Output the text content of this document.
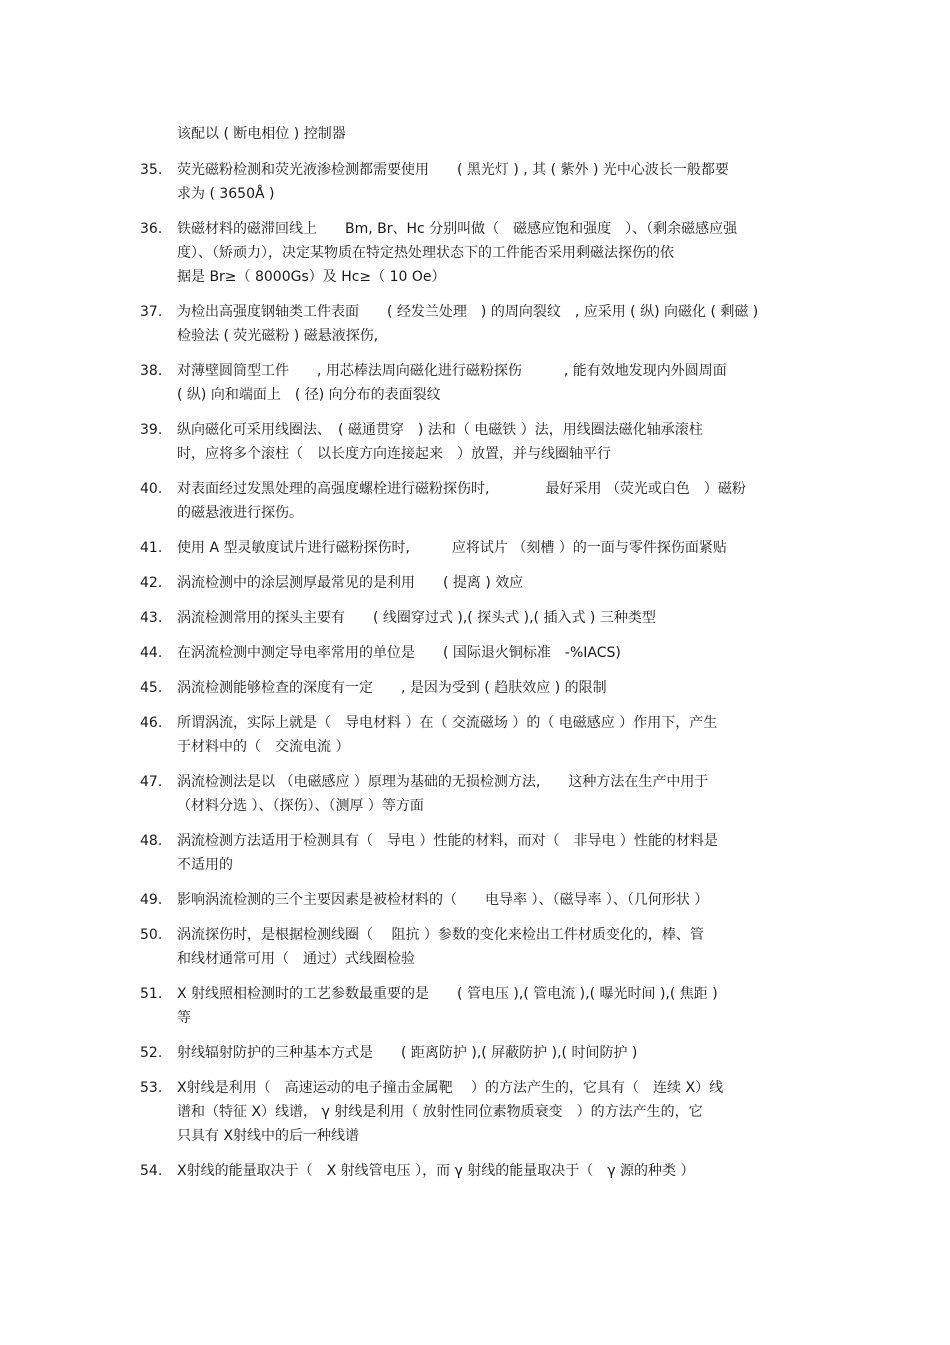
该配以 ( 断电相位 ) 控制器
35.	荧光磁粉检测和荧光液渗检测都需要使用　　( 黑光灯 ) , 其 ( 紫外 ) 光中心波长一般都要
求为 ( 3650Å )
36.	铁磁材料的磁滞回线上　　Bm, Br、Hc 分别叫做（　磁感应饱和强度　）、（剩余磁感应强
度）、（矫顽力），决定某物质在特定热处理状态下的工件能否采用剩磁法探伤的依
据是 Br≥（ 8000Gs）及 Hc≥（ 10 Oe）
37.	为检出高强度钢轴类工件表面　　( 经发兰处理　) 的周向裂纹　, 应采用 ( 纵) 向磁化 ( 剩磁 )
检验法 ( 荧光磁粉 ) 磁悬液探伤,
38.	对薄壁圆筒型工件　　, 用芯棒法周向磁化进行磁粉探伤　　　, 能有效地发现内外圆周面
( 纵) 向和端面上　( 径) 向分布的表面裂纹
39.	纵向磁化可采用线圈法、　( 磁通贯穿　) 法和（ 电磁铁 ）法，用线圈法磁化轴承滚柱
时，应将多个滚柱（　以长度方向连接起来　）放置，并与线圈轴平行
40.	对表面经过发黑处理的高强度螺栓进行磁粉探伤时,　　　　最好采用 （荧光或白色　）磁粉
的磁悬液进行探伤。
41.	使用 A 型灵敏度试片进行磁粉探伤时,　　　应将试片 （刻槽 ）的一面与零件探伤面紧贴
42.	涡流检测中的涂层测厚最常见的是利用　　( 提离 ) 效应
43.	涡流检测常用的探头主要有　　( 线圈穿过式 ),( 探头式 ),( 插入式 ) 三种类型
44.	在涡流检测中测定导电率常用的单位是　　( 国际退火铜标准　-%IACS)
45.	涡流检测能够检查的深度有一定　　, 是因为受到 ( 趋肤效应 ) 的限制
46.	所谓涡流，实际上就是（　导电材料 ）在（ 交流磁场 ）的（ 电磁感应 ）作用下，产生
于材料中的（　交流电流 ）
47.	涡流检测法是以 （电磁感应 ）原理为基础的无损检测方法,　　这种方法在生产中用于
（材料分选 ）、（探伤）、（测厚 ）等方面
48.	涡流检测方法适用于检测具有（　导电 ）性能的材料，而对（　非导电 ）性能的材料是
不适用的
49.	影响涡流检测的三个主要因素是被检材料的（　　电导率 ）、（磁导率 ）、（几何形状 ）
50.	涡流探伤时，是根据检测线圈（　 阻抗 ）参数的变化来检出工件材质变化的，棒、管
和线材通常可用（　通过）式线圈检验
51.	X 射线照相检测时的工艺参数最重要的是　　( 管电压 ),( 管电流 ),( 曝光时间 ),( 焦距 )
等
52.	射线辐射防护的三种基本方式是　　( 距离防护 ),( 屏蔽防护 ),( 时间防护 )
53.	X射线是利用（　高速运动的电子撞击金属靶　 ）的方法产生的，它具有（　连续 X）线
谱和（特征 X）线谱， γ 射线是利用（ 放射性同位素物质衰变　）的方法产生的，它
只具有 X射线中的后一种线谱
54.	X射线的能量取决于（　X 射线管电压 ），而 γ 射线的能量取决于（　γ 源的种类 ）
